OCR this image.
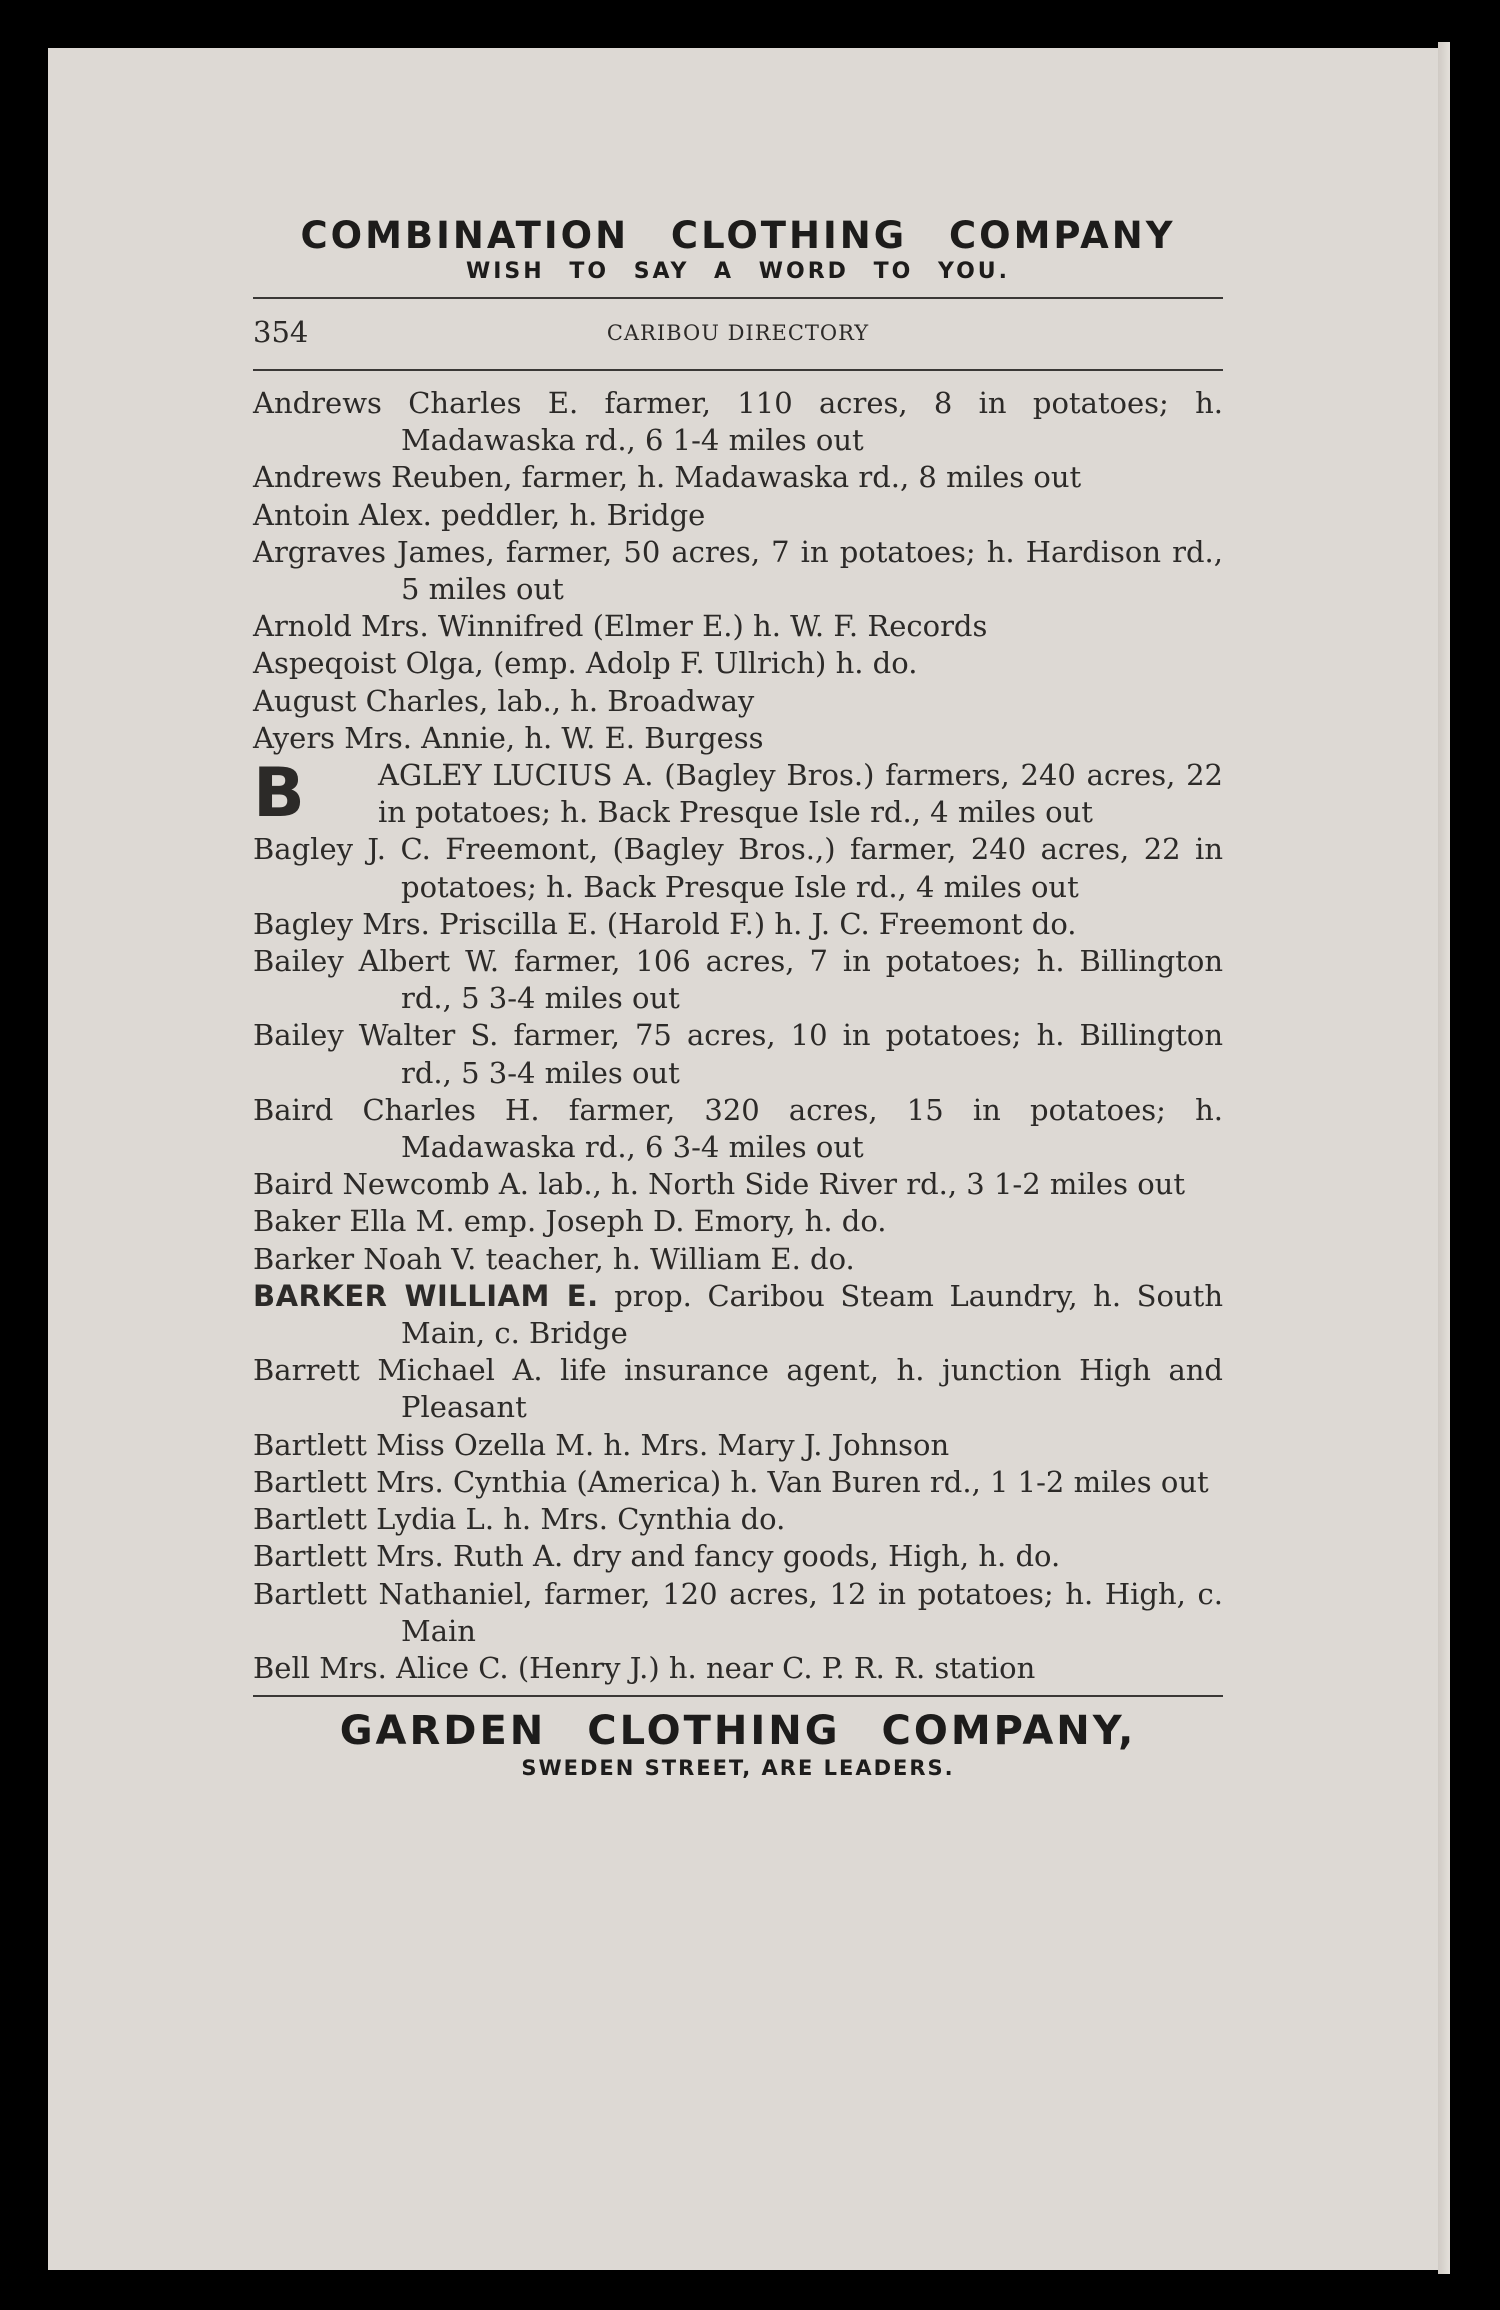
COMBINATION CLOTHING COMPANY
WISH TO SAY A WORD TO YOU.
354	CARIBOU DIRECTORY
Andrews Charles E. farmer, 110 acres, 8 in potatoes; h. Madawaska rd., 6 1-4 miles out
Andrews Reuben, farmer, h. Madawaska rd., 8 miles out
Antoin Alex. peddler, h. Bridge
Argraves James, farmer, 50 acres, 7 in potatoes; h. Hardison rd., 5 miles out
Arnold Mrs. Winnifred (Elmer E.) h. W. F. Records
Aspeqoist Olga, (emp. Adolp F. Ullrich) h. do.
August Charles, lab., h. Broadway
Ayers Mrs. Annie, h. W. E. Burgess
B	AGLEY LUCIUS A. (Bagley Bros.) farmers, 240 acres, 22 in potatoes; h. Back Presque Isle rd., 4 miles out
Bagley J. C. Freemont, (Bagley Bros.,) farmer, 240 acres, 22 in potatoes; h. Back Presque Isle rd., 4 miles out
Bagley Mrs. Priscilla E. (Harold F.) h. J. C. Freemont do.
Bailey Albert W. farmer, 106 acres, 7 in potatoes; h. Billington rd., 5 3-4 miles out
Bailey Walter S. farmer, 75 acres, 10 in potatoes; h. Billington rd., 5 3-4 miles out
Baird Charles H. farmer, 320 acres, 15 in potatoes; h. Madawaska rd., 6 3-4 miles out
Baird Newcomb A. lab., h. North Side River rd., 3 1-2 miles out
Baker Ella M. emp. Joseph D. Emory, h. do.
Barker Noah V. teacher, h. William E. do.
BARKER WILLIAM E. prop. Caribou Steam Laundry, h. South Main, c. Bridge
Barrett Michael A. life insurance agent, h. junction High and Pleasant
Bartlett Miss Ozella M. h. Mrs. Mary J. Johnson
Bartlett Mrs. Cynthia (America) h. Van Buren rd., 1 1-2 miles out
Bartlett Lydia L. h. Mrs. Cynthia do.
Bartlett Mrs. Ruth A. dry and fancy goods, High, h. do.
Bartlett Nathaniel, farmer, 120 acres, 12 in potatoes; h. High, c. Main
Bell Mrs. Alice C. (Henry J.) h. near C. P. R. R. station
GARDEN CLOTHING COMPANY,
SWEDEN STREET, ARE LEADERS.
